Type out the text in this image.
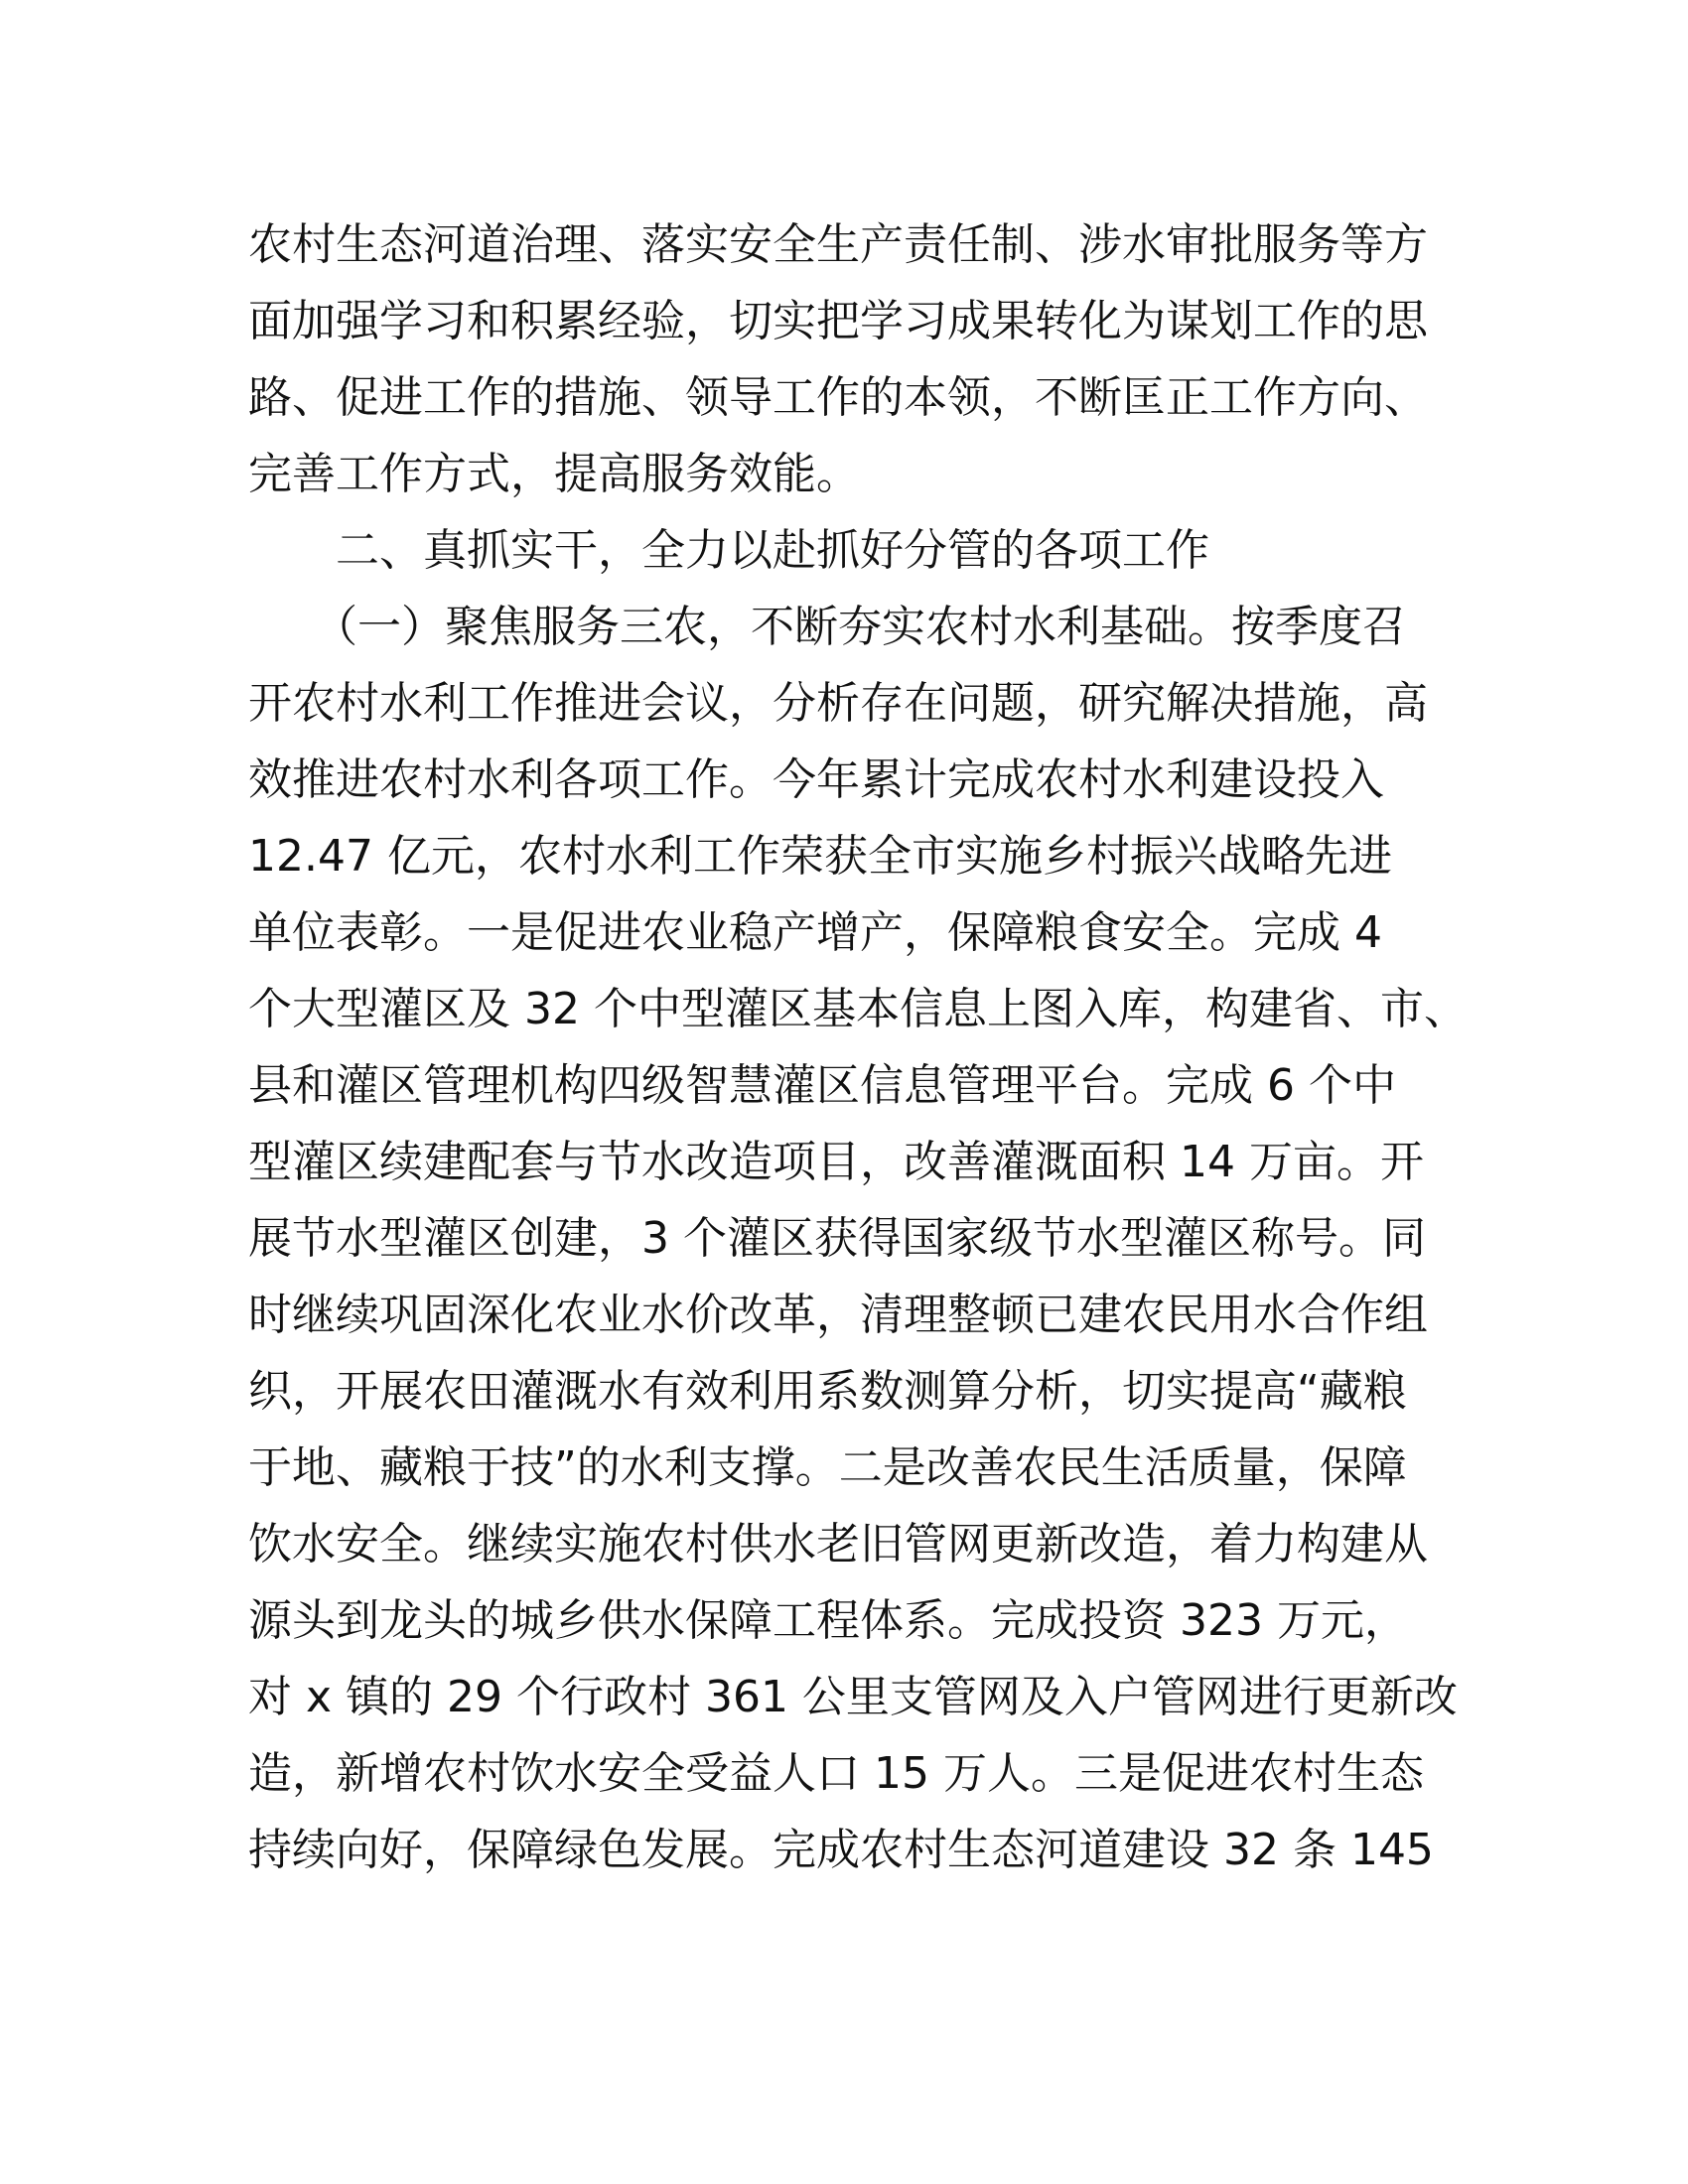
农村生态河道治理、落实安全生产责任制、涉水审批服务等方
面加强学习和积累经验，切实把学习成果转化为谋划工作的思
路、促进工作的措施、领导工作的本领，不断匡正工作方向、
完善工作方式，提高服务效能。
　　二、真抓实干，全力以赴抓好分管的各项工作
　　（一）聚焦服务三农，不断夯实农村水利基础。按季度召
开农村水利工作推进会议，分析存在问题，研究解决措施，高
效推进农村水利各项工作。今年累计完成农村水利建设投入
12.47 亿元，农村水利工作荣获全市实施乡村振兴战略先进
单位表彰。一是促进农业稳产增产，保障粮食安全。完成 4
个大型灌区及 32 个中型灌区基本信息上图入库，构建省、市、
县和灌区管理机构四级智慧灌区信息管理平台。完成 6 个中
型灌区续建配套与节水改造项目，改善灌溉面积 14 万亩。开
展节水型灌区创建，3 个灌区获得国家级节水型灌区称号。同
时继续巩固深化农业水价改革，清理整顿已建农民用水合作组
织，开展农田灌溉水有效利用系数测算分析，切实提高“藏粮
于地、藏粮于技”的水利支撑。二是改善农民生活质量，保障
饮水安全。继续实施农村供水老旧管网更新改造，着力构建从
源头到龙头的城乡供水保障工程体系。完成投资 323 万元，
对 x 镇的 29 个行政村 361 公里支管网及入户管网进行更新改
造，新增农村饮水安全受益人口 15 万人。三是促进农村生态
持续向好，保障绿色发展。完成农村生态河道建设 32 条 145
